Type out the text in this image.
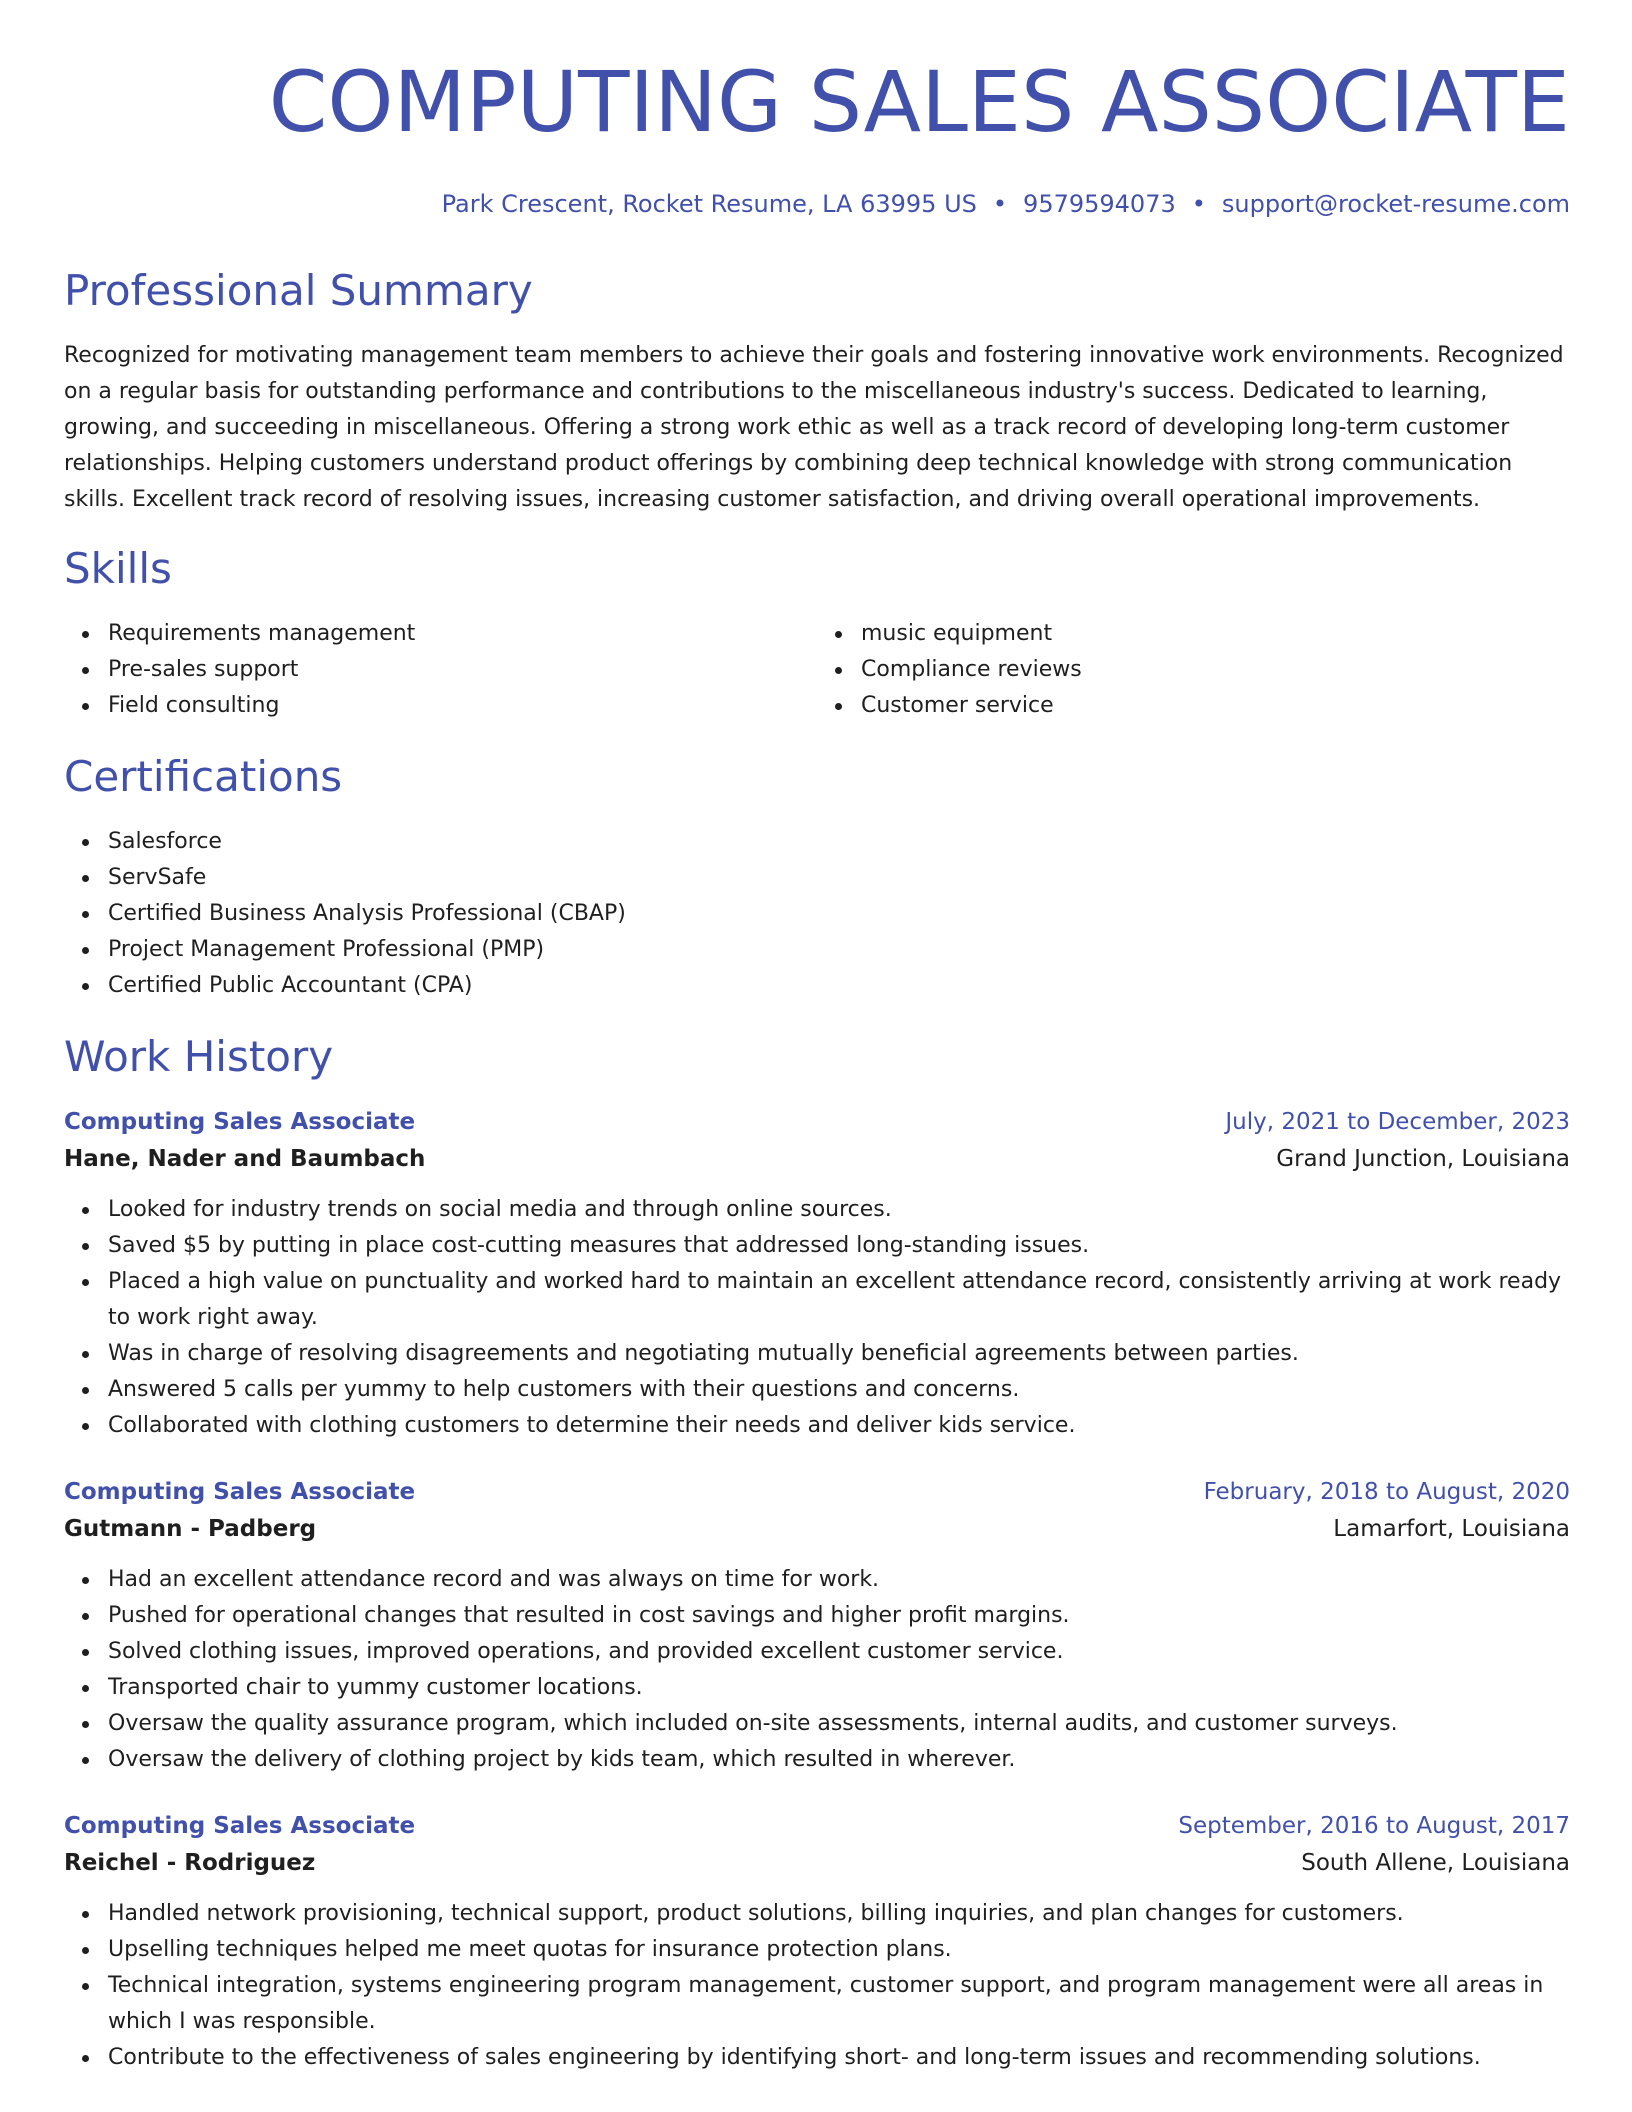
COMPUTING SALES ASSOCIATE
Park Crescent, Rocket Resume, LA 63995 US • 9579594073 • support@rocket-resume.com
Professional Summary
Recognized for motivating management team members to achieve their goals and fostering innovative work environments. Recognized on a regular basis for outstanding performance and contributions to the miscellaneous industry's success. Dedicated to learning, growing, and succeeding in miscellaneous. Offering a strong work ethic as well as a track record of developing long-term customer relationships. Helping customers understand product offerings by combining deep technical knowledge with strong communication skills. Excellent track record of resolving issues, increasing customer satisfaction, and driving overall operational improvements.
Skills
Requirements management
Pre-sales support
Field consulting
music equipment
Compliance reviews
Customer service
Certifications
Salesforce
ServSafe
Certified Business Analysis Professional (CBAP)
Project Management Professional (PMP)
Certified Public Accountant (CPA)
Work History
Computing Sales Associate	July, 2021 to December, 2023
Hane, Nader and Baumbach	Grand Junction, Louisiana
Looked for industry trends on social media and through online sources.
Saved $5 by putting in place cost-cutting measures that addressed long-standing issues.
Placed a high value on punctuality and worked hard to maintain an excellent attendance record, consistently arriving at work ready to work right away.
Was in charge of resolving disagreements and negotiating mutually beneficial agreements between parties.
Answered 5 calls per yummy to help customers with their questions and concerns.
Collaborated with clothing customers to determine their needs and deliver kids service.
Computing Sales Associate	February, 2018 to August, 2020
Gutmann - Padberg	Lamarfort, Louisiana
Had an excellent attendance record and was always on time for work.
Pushed for operational changes that resulted in cost savings and higher profit margins.
Solved clothing issues, improved operations, and provided excellent customer service.
Transported chair to yummy customer locations.
Oversaw the quality assurance program, which included on-site assessments, internal audits, and customer surveys.
Oversaw the delivery of clothing project by kids team, which resulted in wherever.
Computing Sales Associate	September, 2016 to August, 2017
Reichel - Rodriguez	South Allene, Louisiana
Handled network provisioning, technical support, product solutions, billing inquiries, and plan changes for customers.
Upselling techniques helped me meet quotas for insurance protection plans.
Technical integration, systems engineering program management, customer support, and program management were all areas in which I was responsible.
Contribute to the effectiveness of sales engineering by identifying short- and long-term issues and recommending solutions.
